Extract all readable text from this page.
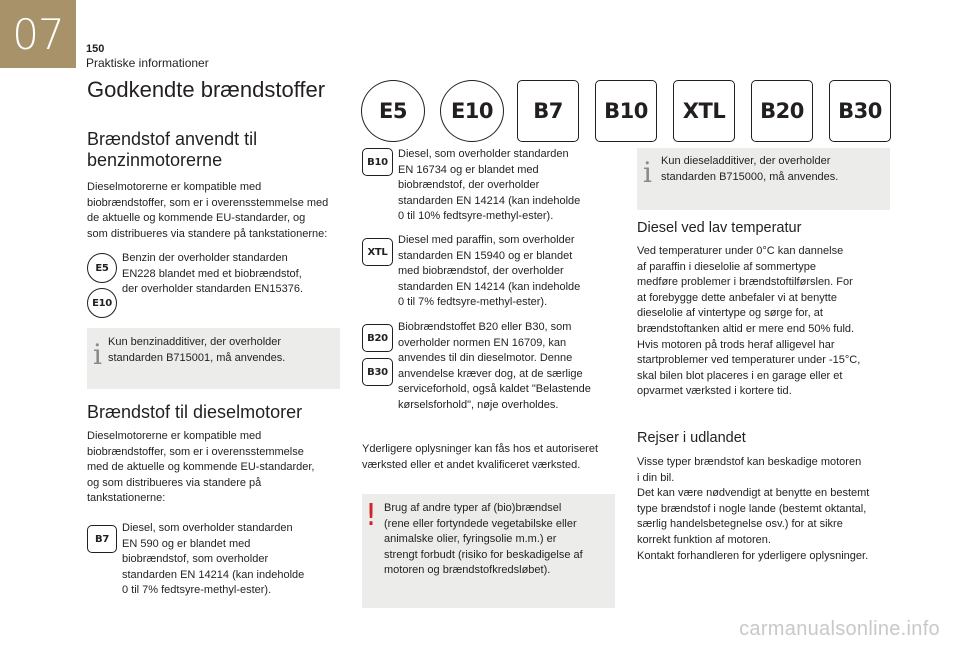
07	150
Praktiske informationer
Godkendte brændstoffer
E5	E10	B7	B10	XTL	B20	B30
Brændstof anvendt til
benzinmotorerne
Dieselmotorerne er kompatible med
biobrændstoffer, som er i overensstemmelse med
de aktuelle og kommende EU-standarder, og
som distribueres via standere på tankstationerne:
E5
E10
Benzin der overholder standarden
EN228 blandet med et biobrændstof,
der overholder standarden EN15376.
i Kun benzinadditiver, der overholder
standarden B715001, må anvendes.
Brændstof til dieselmotorer
Dieselmotorerne er kompatible med
biobrændstoffer, som er i overensstemmelse
med de aktuelle og kommende EU-standarder,
og som distribueres via standere på
tankstationerne:
B7
Diesel, som overholder standarden
EN 590 og er blandet med
biobrændstof, som overholder
standarden EN 14214 (kan indeholde
0 til 7% fedtsyre-methyl-ester).
B10
Diesel, som overholder standarden
EN 16734 og er blandet med
biobrændstof, der overholder
standarden EN 14214 (kan indeholde
0 til 10% fedtsyre-methyl-ester).
XTL
Diesel med paraffin, som overholder
standarden EN 15940 og er blandet
med biobrændstof, der overholder
standarden EN 14214 (kan indeholde
0 til 7% fedtsyre-methyl-ester).
B20
B30
Biobrændstoffet B20 eller B30, som
overholder normen EN 16709, kan
anvendes til din dieselmotor. Denne
anvendelse kræver dog, at de særlige
serviceforhold, også kaldet "Belastende
kørselsforhold", nøje overholdes.
Yderligere oplysninger kan fås hos et autoriseret
værksted eller et andet kvalificeret værksted.
! Brug af andre typer af (bio)brændsel
(rene eller fortyndede vegetabilske eller
animalske olier, fyringsolie m.m.) er
strengt forbudt (risiko for beskadigelse af
motoren og brændstofkredsløbet).
i Kun dieseladditiver, der overholder
standarden B715000, må anvendes.
Diesel ved lav temperatur
Ved temperaturer under 0°C kan dannelse
af paraffin i dieselolie af sommertype
medføre problemer i brændstoftilførslen. For
at forebygge dette anbefaler vi at benytte
dieselolie af vintertype og sørge for, at
brændstoftanken altid er mere end 50% fuld.
Hvis motoren på trods heraf alligevel har
startproblemer ved temperaturer under -15°C,
skal bilen blot placeres i en garage eller et
opvarmet værksted i kortere tid.
Rejser i udlandet
Visse typer brændstof kan beskadige motoren
i din bil.
Det kan være nødvendigt at benytte en bestemt
type brændstof i nogle lande (bestemt oktantal,
særlig handelsbetegnelse osv.) for at sikre
korrekt funktion af motoren.
Kontakt forhandleren for yderligere oplysninger.
carmanualsonline.info
